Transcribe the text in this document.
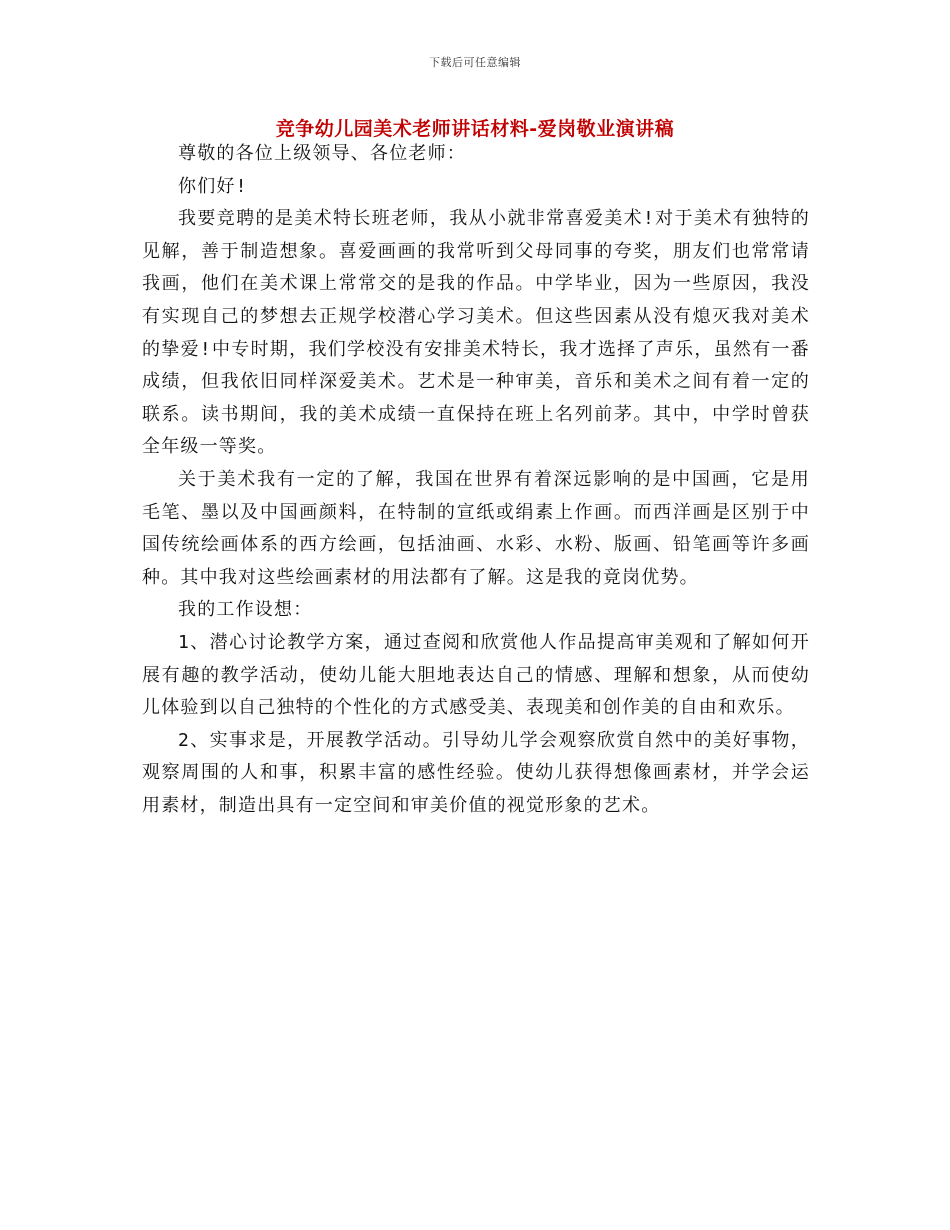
下载后可任意编辑
竞争幼儿园美术老师讲话材料-爱岗敬业演讲稿

尊敬的各位上级领导、各位老师：

你们好!

我要竞聘的是美术特长班老师，我从小就非常喜爱美术!对于美术有独特的见解，善于制造想象。喜爱画画的我常听到父母同事的夸奖，朋友们也常常请我画，他们在美术课上常常交的是我的作品。中学毕业，因为一些原因，我没有实现自己的梦想去正规学校潜心学习美术。但这些因素从没有熄灭我对美术的挚爱!中专时期，我们学校没有安排美术特长，我才选择了声乐，虽然有一番成绩，但我依旧同样深爱美术。艺术是一种审美，音乐和美术之间有着一定的联系。读书期间，我的美术成绩一直保持在班上名列前茅。其中，中学时曾获全年级一等奖。

关于美术我有一定的了解，我国在世界有着深远影响的是中国画，它是用毛笔、墨以及中国画颜料，在特制的宣纸或绢素上作画。而西洋画是区别于中国传统绘画体系的西方绘画，包括油画、水彩、水粉、版画、铅笔画等许多画种。其中我对这些绘画素材的用法都有了解。这是我的竟岗优势。

我的工作设想：

1、潜心讨论教学方案，通过查阅和欣赏他人作品提高审美观和了解如何开展有趣的教学活动，使幼儿能大胆地表达自己的情感、理解和想象，从而使幼儿体验到以自己独特的个性化的方式感受美、表现美和创作美的自由和欢乐。

2、实事求是，开展教学活动。引导幼儿学会观察欣赏自然中的美好事物，观察周围的人和事，积累丰富的感性经验。使幼儿获得想像画素材，并学会运用素材，制造出具有一定空间和审美价值的视觉形象的艺术。
